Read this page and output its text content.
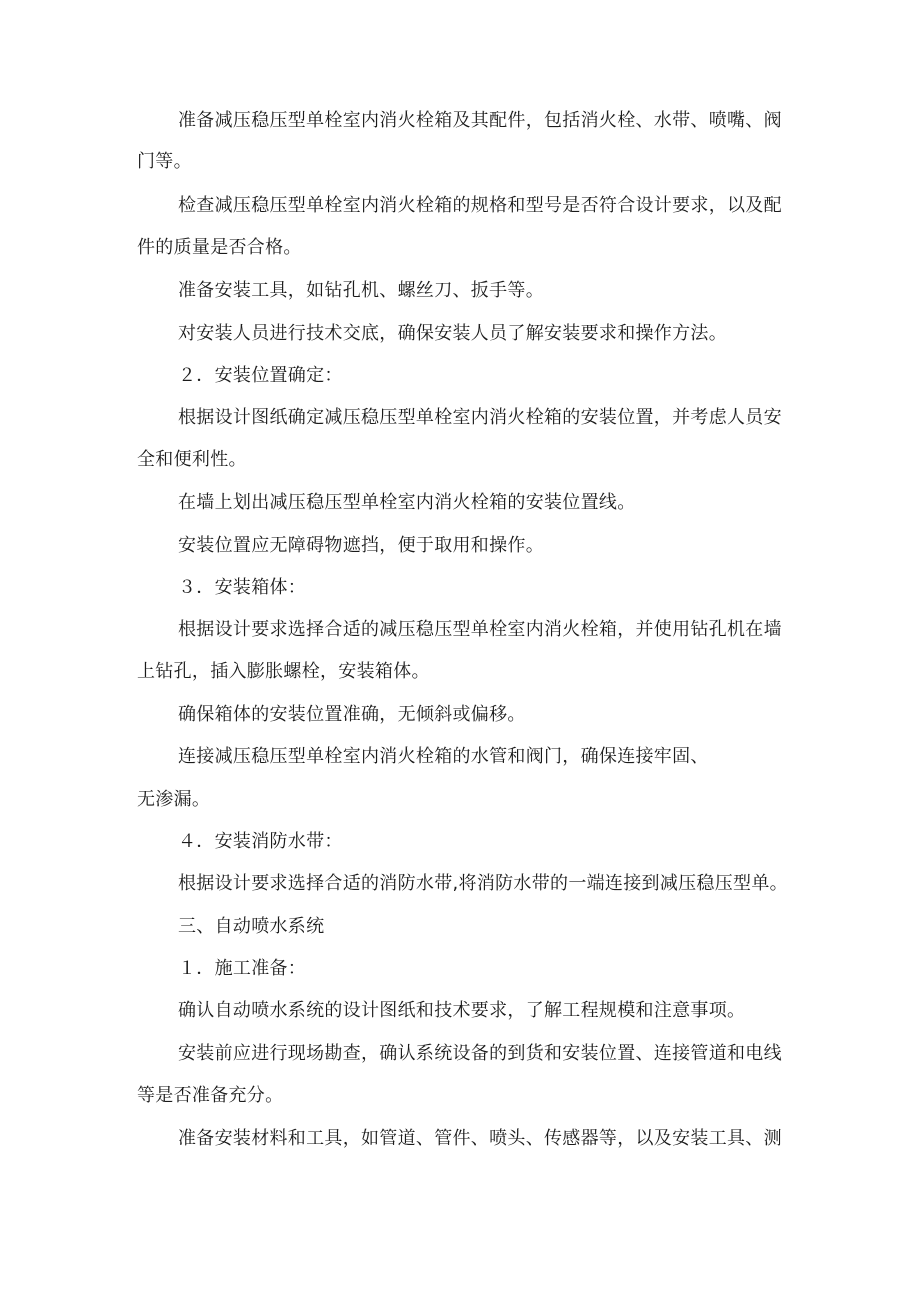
准备减压稳压型单栓室内消火栓箱及其配件，包括消火栓、水带、喷嘴、阀
门等。
检查减压稳压型单栓室内消火栓箱的规格和型号是否符合设计要求，以及配
件的质量是否合格。
准备安装工具，如钻孔机、螺丝刀、扳手等。
对安装人员进行技术交底，确保安装人员了解安装要求和操作方法。
２．安装位置确定：
根据设计图纸确定减压稳压型单栓室内消火栓箱的安装位置，并考虑人员安
全和便利性。
在墙上划出减压稳压型单栓室内消火栓箱的安装位置线。
安装位置应无障碍物遮挡，便于取用和操作。
３．安装箱体：
根据设计要求选择合适的减压稳压型单栓室内消火栓箱，并使用钻孔机在墙
上钻孔，插入膨胀螺栓，安装箱体。
确保箱体的安装位置准确，无倾斜或偏移。
连接减压稳压型单栓室内消火栓箱的水管和阀门，确保连接牢固、
无渗漏。
４．安装消防水带：
根据设计要求选择合适的消防水带,将消防水带的一端连接到减压稳压型单。
三、自动喷水系统
１．施工准备：
确认自动喷水系统的设计图纸和技术要求，了解工程规模和注意事项。
安装前应进行现场勘查，确认系统设备的到货和安装位置、连接管道和电线
等是否准备充分。
准备安装材料和工具，如管道、管件、喷头、传感器等，以及安装工具、测
